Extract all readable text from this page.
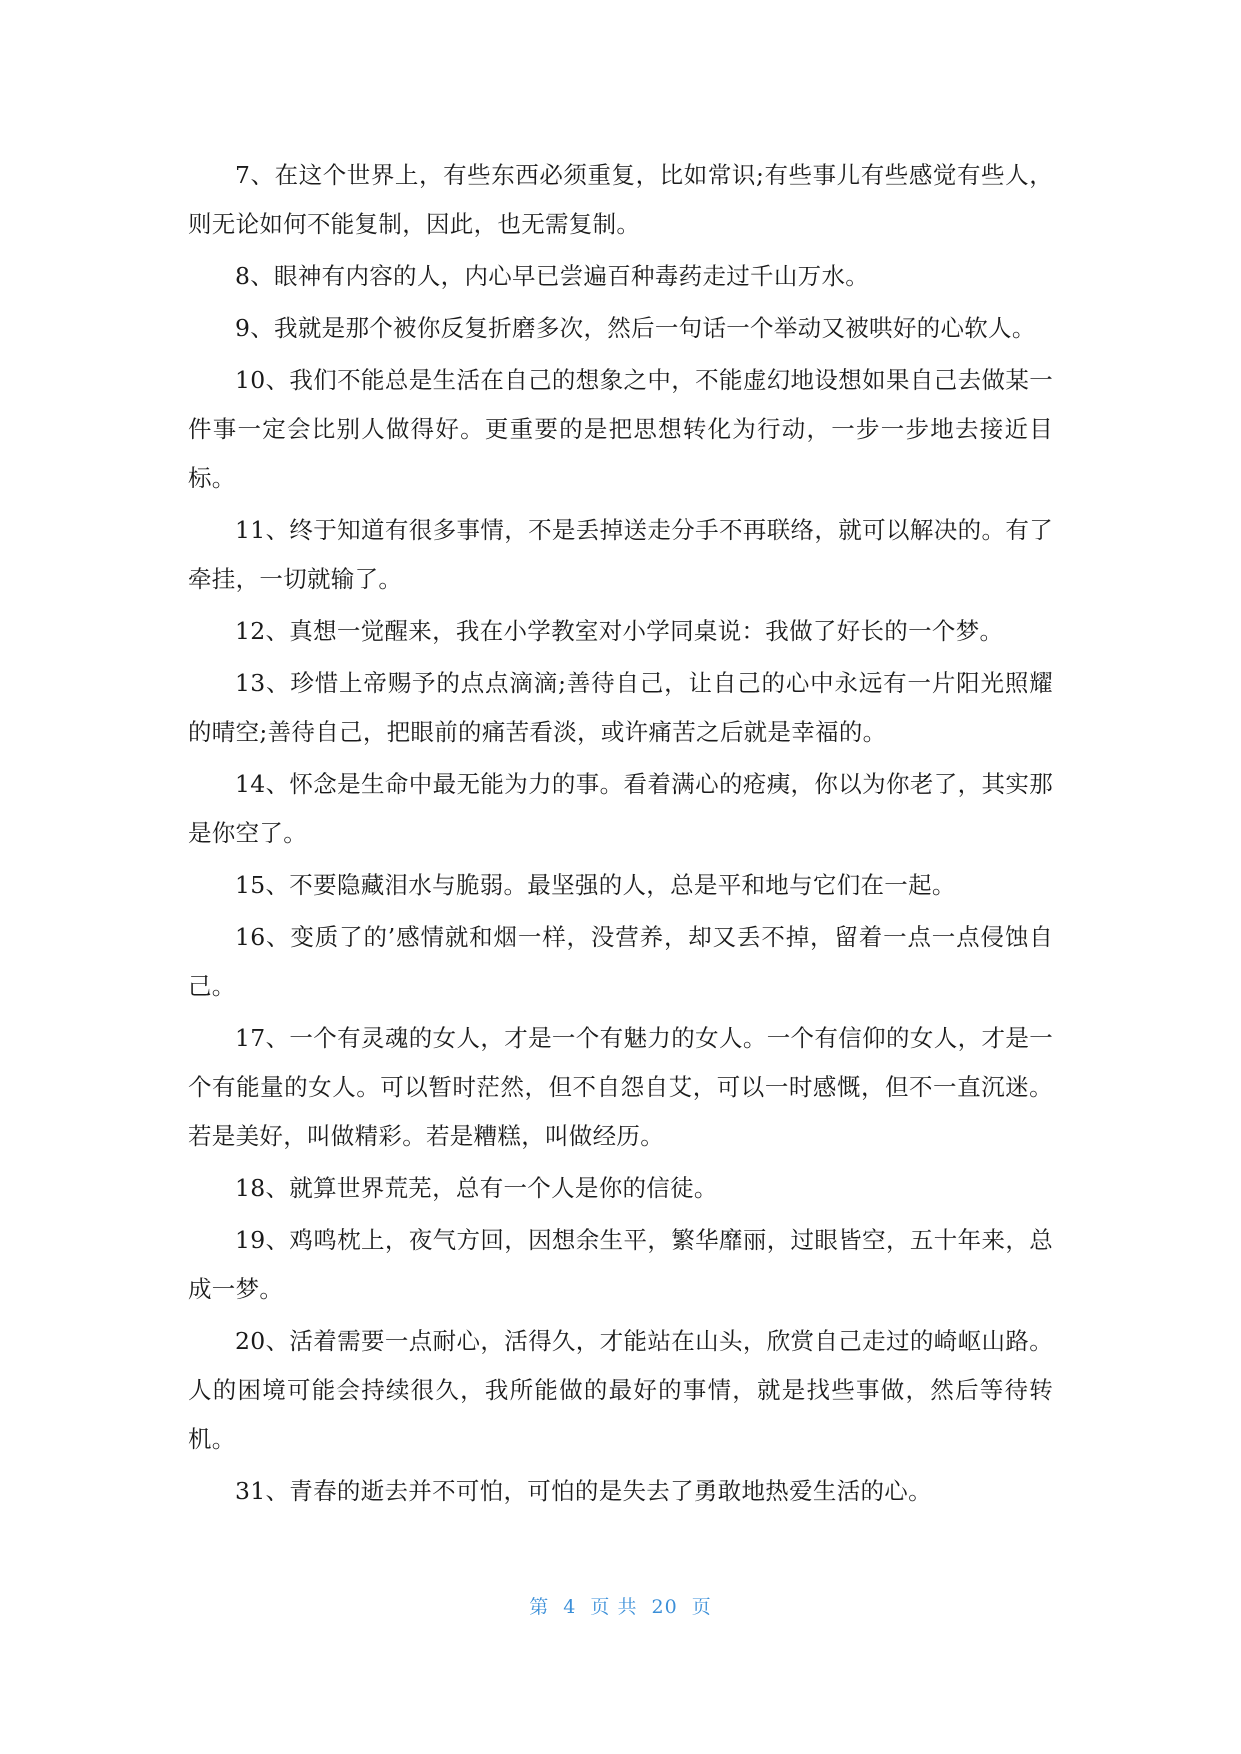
7、在这个世界上，有些东西必须重复，比如常识;有些事儿有些感觉有些人，则无论如何不能复制，因此，也无需复制。

8、眼神有内容的人，内心早已尝遍百种毒药走过千山万水。

9、我就是那个被你反复折磨多次，然后一句话一个举动又被哄好的心软人。

10、我们不能总是生活在自己的想象之中，不能虚幻地设想如果自己去做某一件事一定会比别人做得好。更重要的是把思想转化为行动，一步一步地去接近目标。

11、终于知道有很多事情，不是丢掉送走分手不再联络，就可以解决的。有了牵挂，一切就输了。

12、真想一觉醒来，我在小学教室对小学同桌说：我做了好长的一个梦。

13、珍惜上帝赐予的点点滴滴;善待自己，让自己的心中永远有一片阳光照耀的晴空;善待自己，把眼前的痛苦看淡，或许痛苦之后就是幸福的。

14、怀念是生命中最无能为力的事。看着满心的疮痍，你以为你老了，其实那是你空了。

15、不要隐藏泪水与脆弱。最坚强的人，总是平和地与它们在一起。

16、变质了的’感情就和烟一样，没营养，却又丢不掉，留着一点一点侵蚀自己。

17、一个有灵魂的女人，才是一个有魅力的女人。一个有信仰的女人，才是一个有能量的女人。可以暂时茫然，但不自怨自艾，可以一时感慨，但不一直沉迷。若是美好，叫做精彩。若是糟糕，叫做经历。

18、就算世界荒芜，总有一个人是你的信徒。

19、鸡鸣枕上，夜气方回，因想余生平，繁华靡丽，过眼皆空，五十年来，总成一梦。

20、活着需要一点耐心，活得久，才能站在山头，欣赏自己走过的崎岖山路。人的困境可能会持续很久，我所能做的最好的事情，就是找些事做，然后等待转机。

31、青春的逝去并不可怕，可怕的是失去了勇敢地热爱生活的心。

第  4  页 共  20  页
